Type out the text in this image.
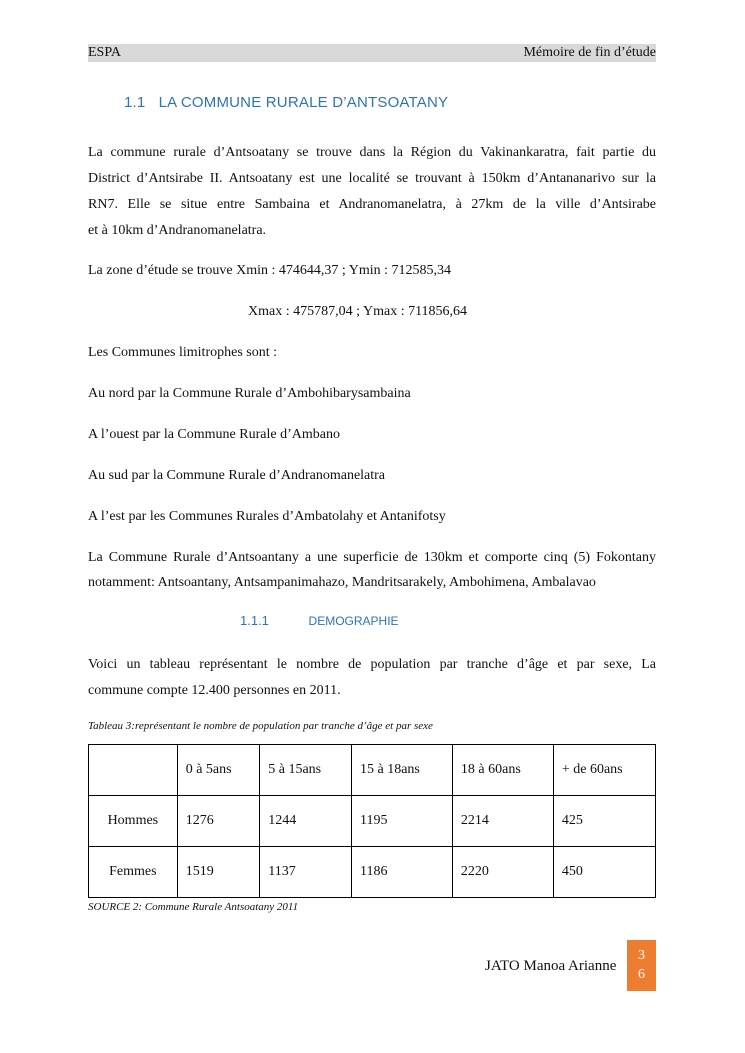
ESPA	Mémoire de fin d’étude
1.1 LA COMMUNE RURALE D’ANTSOATANY
La commune rurale d’Antsoatany se trouve dans la Région du Vakinankaratra, fait partie du
District d’Antsirabe II. Antsoatany est une localité se trouvant à 150km d’Antananarivo sur la
RN7. Elle se situe entre Sambaina et Andranomanelatra, à 27km de la ville d’Antsirabe
et à 10km d’Andranomanelatra.
La zone d’étude se trouve Xmin : 474644,37 ; Ymin : 712585,34
Xmax : 475787,04 ; Ymax : 711856,64
Les Communes limitrophes sont :
Au nord par la Commune Rurale d’Ambohibarysambaina
A l’ouest par la Commune Rurale d’Ambano
Au sud par la Commune Rurale d’Andranomanelatra
A l’est par les Communes Rurales d’Ambatolahy et Antanifotsy
La Commune Rurale d’Antsoantany a une superficie de 130km et comporte cinq (5) Fokontany
notamment: Antsoantany, Antsampanimahazo, Mandritsarakely, Ambohimena, Ambalavao
1.1.1	DEMOGRAPHIE
Voici un tableau représentant le nombre de population par tranche d’âge et par sexe, La
commune compte 12.400 personnes en 2011.
Tableau 3:représentant le nombre de population par tranche d’âge et par sexe
	0 à 5ans	5 à 15ans	15 à 18ans	18 à 60ans	+ de 60ans
Hommes	1276	1244	1195	2214	425
Femmes	1519	1137	1186	2220	450
SOURCE 2: Commune Rurale Antsoatany 2011
JATO Manoa Arianne
3
6
